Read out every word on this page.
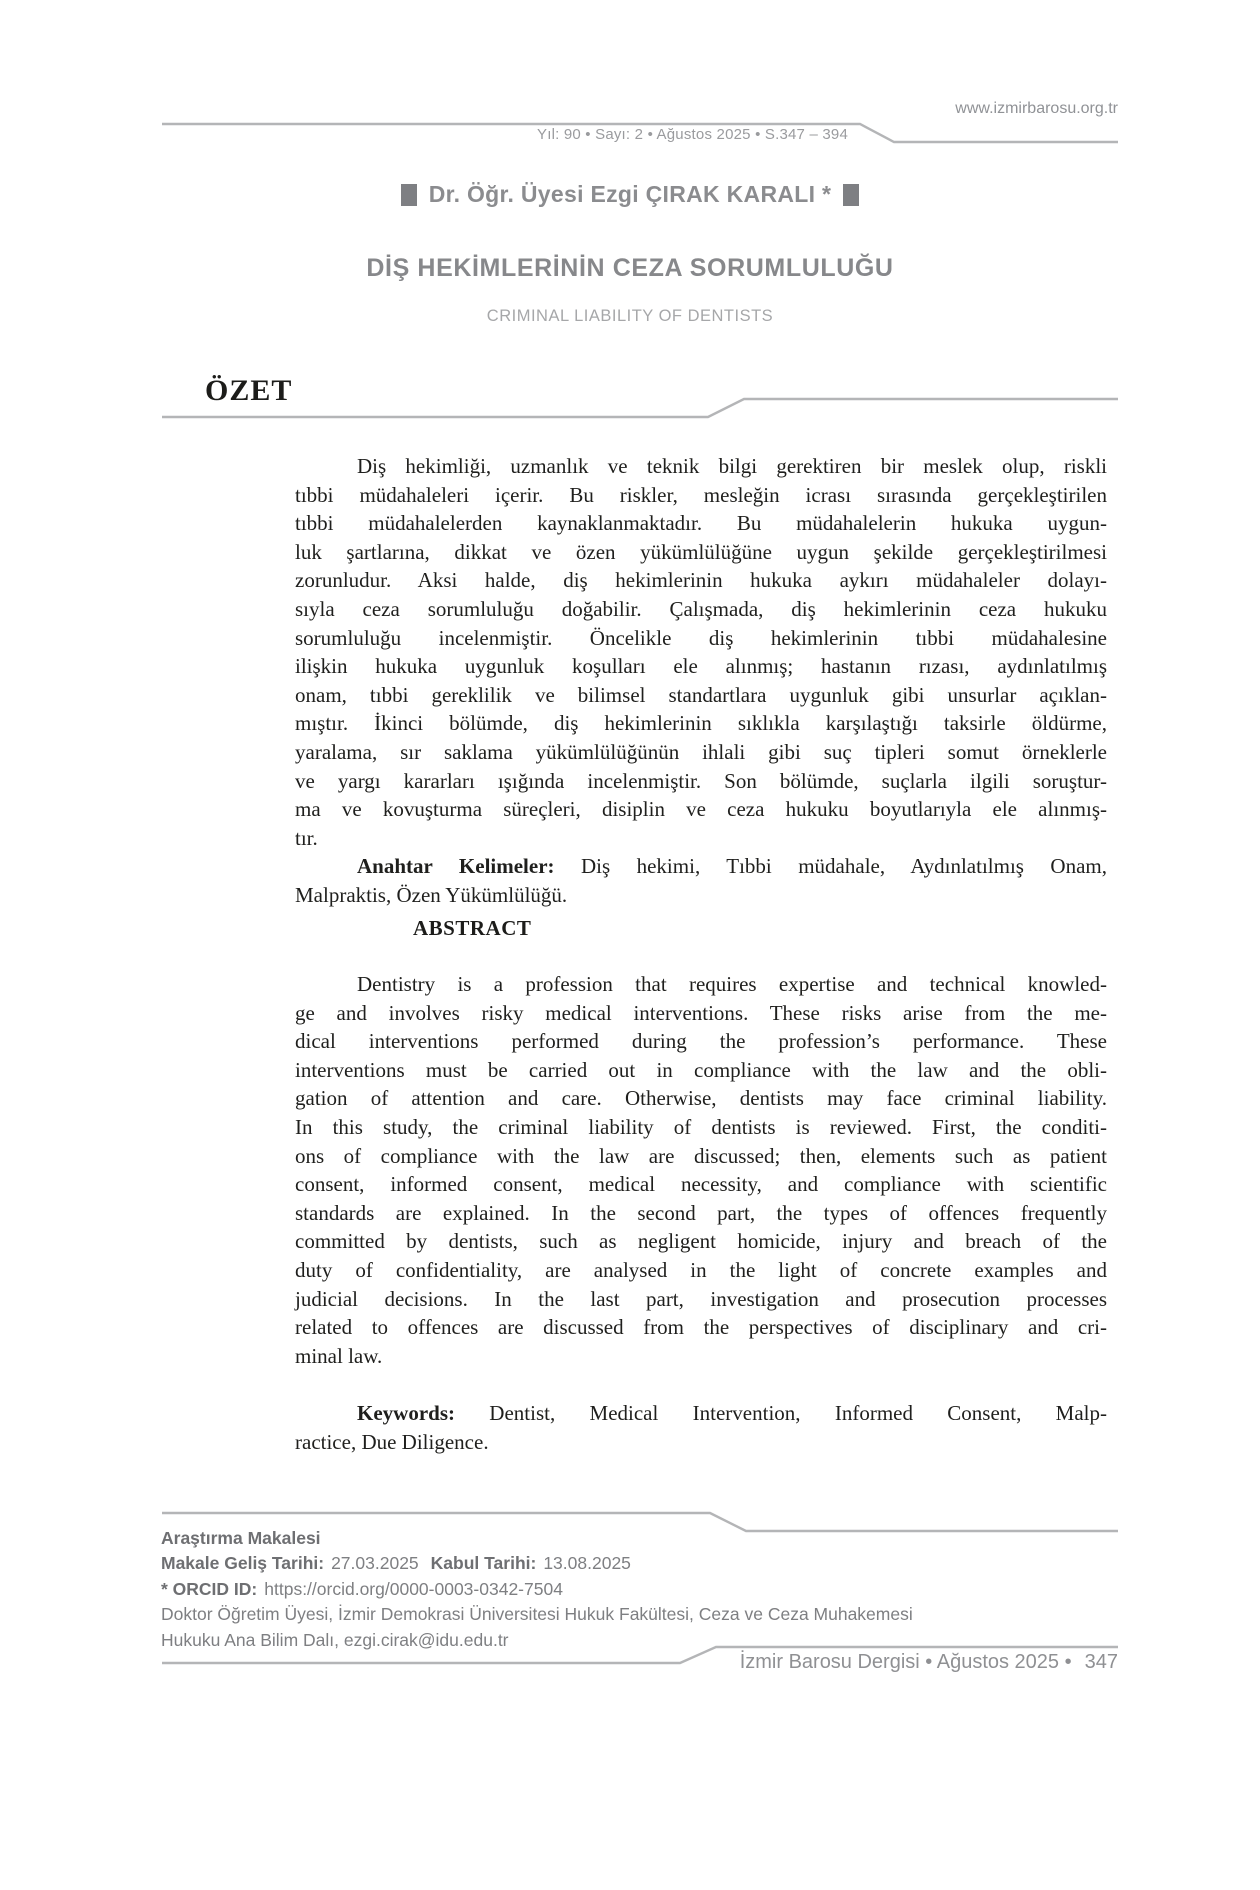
Yıl: 90 • Sayı: 2 • Ağustos 2025 • S.347 – 394
www.izmirbarosu.org.tr
Dr. Öğr. Üyesi Ezgi ÇIRAK KARALI *
DİŞ HEKİMLERİNİN CEZA SORUMLULUĞU
CRIMINAL LIABILITY OF DENTISTS
ÖZET
Diş hekimliği, uzmanlık ve teknik bilgi gerektiren bir meslek olup, riskli
tıbbi müdahaleleri içerir. Bu riskler, mesleğin icrası sırasında gerçekleştirilen
tıbbi müdahalelerden kaynaklanmaktadır. Bu müdahalelerin hukuka uygun-
luk şartlarına, dikkat ve özen yükümlülüğüne uygun şekilde gerçekleştirilmesi
zorunludur. Aksi halde, diş hekimlerinin hukuka aykırı müdahaleler dolayı-
sıyla ceza sorumluluğu doğabilir. Çalışmada, diş hekimlerinin ceza hukuku
sorumluluğu incelenmiştir. Öncelikle diş hekimlerinin tıbbi müdahalesine
ilişkin hukuka uygunluk koşulları ele alınmış; hastanın rızası, aydınlatılmış
onam, tıbbi gereklilik ve bilimsel standartlara uygunluk gibi unsurlar açıklan-
mıştır. İkinci bölümde, diş hekimlerinin sıklıkla karşılaştığı taksirle öldürme,
yaralama, sır saklama yükümlülüğünün ihlali gibi suç tipleri somut örneklerle
ve yargı kararları ışığında incelenmiştir. Son bölümde, suçlarla ilgili soruştur-
ma ve kovuşturma süreçleri, disiplin ve ceza hukuku boyutlarıyla ele alınmış-
tır.
Anahtar Kelimeler: Diş hekimi, Tıbbi müdahale, Aydınlatılmış Onam,
Malpraktis, Özen Yükümlülüğü.
ABSTRACT
Dentistry is a profession that requires expertise and technical knowled-
ge and involves risky medical interventions. These risks arise from the me-
dical interventions performed during the profession’s performance. These
interventions must be carried out in compliance with the law and the obli-
gation of attention and care. Otherwise, dentists may face criminal liability.
In this study, the criminal liability of dentists is reviewed. First, the conditi-
ons of compliance with the law are discussed; then, elements such as patient
consent, informed consent, medical necessity, and compliance with scientific
standards are explained. In the second part, the types of offences frequently
committed by dentists, such as negligent homicide, injury and breach of the
duty of confidentiality, are analysed in the light of concrete examples and
judicial decisions. In the last part, investigation and prosecution processes
related to offences are discussed from the perspectives of disciplinary and cri-
minal law.
Keywords: Dentist, Medical Intervention, Informed Consent, Malp-
ractice, Due Diligence.
Araştırma Makalesi
Makale Geliş Tarihi: 27.03.2025 Kabul Tarihi: 13.08.2025
* ORCID ID: https://orcid.org/0000-0003-0342-7504
Doktor Öğretim Üyesi, İzmir Demokrasi Üniversitesi Hukuk Fakültesi, Ceza ve Ceza Muhakemesi
Hukuku Ana Bilim Dalı, ezgi.cirak@idu.edu.tr
İzmir Barosu Dergisi • Ağustos 2025 • 347
